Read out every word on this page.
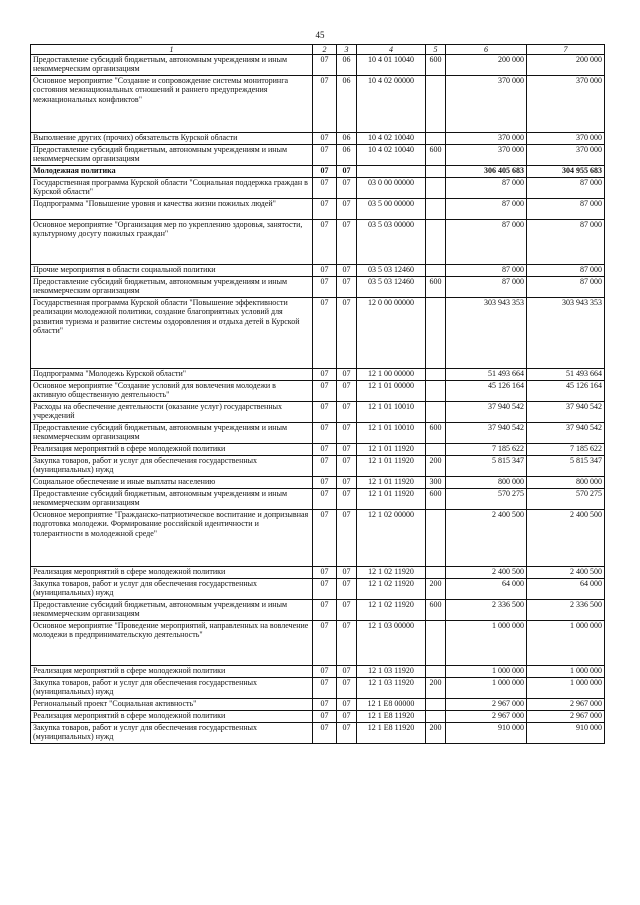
45
1	2	3	4	5	6	7
Предоставление субсидий бюджетным, автономным учреждениям и иным некоммерческим организациям	07	06	10 4 01 10040	600	200 000	200 000
Основное мероприятие "Создание и сопровождение системы мониторинга состояния межнациональных отношений и раннего предупреждения межнациональных конфликтов"	07	06	10 4 02 00000		370 000	370 000
Выполнение других (прочих) обязательств Курской области	07	06	10 4 02 10040		370 000	370 000
Предоставление субсидий бюджетным, автономным учреждениям и иным некоммерческим организациям	07	06	10 4 02 10040	600	370 000	370 000
Молодежная политика	07	07			306 405 683	304 955 683
Государственная программа Курской области "Социальная поддержка граждан в Курской области"	07	07	03 0 00 00000		87 000	87 000
Подпрограмма "Повышение уровня и качества жизни пожилых людей"	07	07	03 5 00 00000		87 000	87 000
Основное мероприятие "Организация мер по укреплению здоровья, занятости, культурному досугу пожилых граждан"	07	07	03 5 03 00000		87 000	87 000
Прочие мероприятия в области социальной политики	07	07	03 5 03 12460		87 000	87 000
Предоставление субсидий бюджетным, автономным учреждениям и иным некоммерческим организациям	07	07	03 5 03 12460	600	87 000	87 000
Государственная программа Курской области "Повышение эффективности реализации молодежной политики, создание благоприятных условий для развития туризма и развитие системы оздоровления и отдыха детей в Курской области"	07	07	12 0 00 00000		303 943 353	303 943 353
Подпрограмма "Молодежь Курской области"	07	07	12 1 00 00000		51 493 664	51 493 664
Основное мероприятие "Создание условий для вовлечения молодежи в активную общественную деятельность"	07	07	12 1 01 00000		45 126 164	45 126 164
Расходы на обеспечение деятельности (оказание услуг) государственных учреждений	07	07	12 1 01 10010		37 940 542	37 940 542
Предоставление субсидий бюджетным, автономным учреждениям и иным некоммерческим организациям	07	07	12 1 01 10010	600	37 940 542	37 940 542
Реализация мероприятий в сфере молодежной политики	07	07	12 1 01 11920		7 185 622	7 185 622
Закупка товаров, работ и услуг для обеспечения государственных (муниципальных) нужд	07	07	12 1 01 11920	200	5 815 347	5 815 347
Социальное обеспечение и иные выплаты населению	07	07	12 1 01 11920	300	800 000	800 000
Предоставление субсидий бюджетным, автономным учреждениям и иным некоммерческим организациям	07	07	12 1 01 11920	600	570 275	570 275
Основное мероприятие "Гражданско-патриотическое воспитание и допризывная подготовка молодежи. Формирование российской идентичности и толерантности в молодежной среде"	07	07	12 1 02 00000		2 400 500	2 400 500
Реализация мероприятий в сфере молодежной политики	07	07	12 1 02 11920		2 400 500	2 400 500
Закупка товаров, работ и услуг для обеспечения государственных (муниципальных) нужд	07	07	12 1 02 11920	200	64 000	64 000
Предоставление субсидий бюджетным, автономным учреждениям и иным некоммерческим организациям	07	07	12 1 02 11920	600	2 336 500	2 336 500
Основное мероприятие "Проведение мероприятий, направленных на вовлечение молодежи в предпринимательскую деятельность"	07	07	12 1 03 00000		1 000 000	1 000 000
Реализация мероприятий в сфере молодежной политики	07	07	12 1 03 11920		1 000 000	1 000 000
Закупка товаров, работ и услуг для обеспечения государственных (муниципальных) нужд	07	07	12 1 03 11920	200	1 000 000	1 000 000
Региональный проект "Социальная активность"	07	07	12 1 E8 00000		2 967 000	2 967 000
Реализация мероприятий в сфере молодежной политики	07	07	12 1 E8 11920		2 967 000	2 967 000
Закупка товаров, работ и услуг для обеспечения государственных (муниципальных) нужд	07	07	12 1 E8 11920	200	910 000	910 000
